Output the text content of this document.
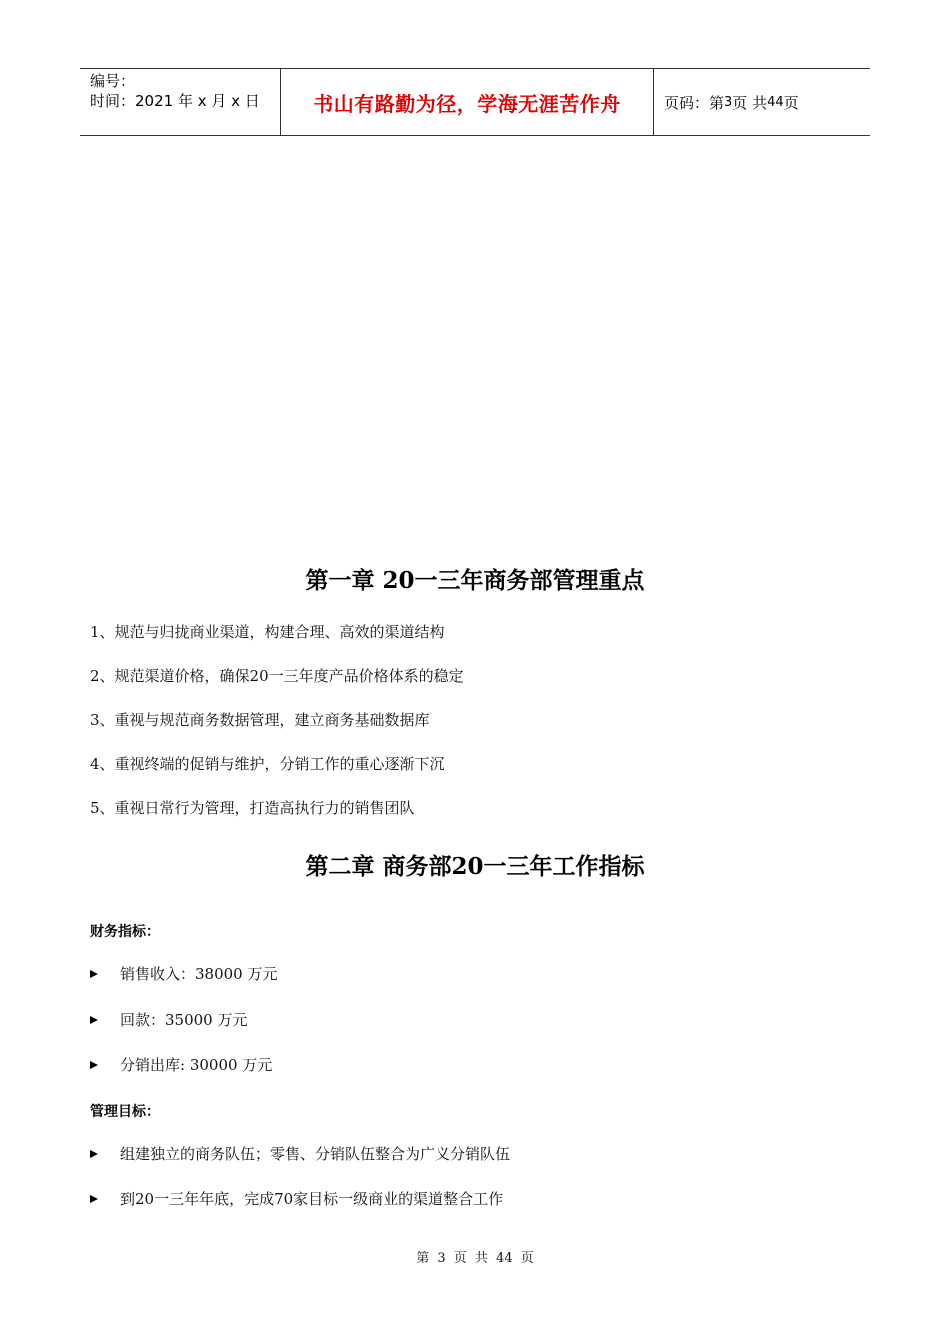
编号：
时间：2021 年 x 月 x 日	书山有路勤为径，学海无涯苦作舟	页码：第 3 页 共 44 页
第一章 20一三年商务部管理重点
1、规范与归拢商业渠道，构建合理、高效的渠道结构
2、规范渠道价格，确保20一三年度产品价格体系的稳定
3、重视与规范商务数据管理，建立商务基础数据库
4、重视终端的促销与维护，分销工作的重心逐渐下沉
5、重视日常行为管理，打造高执行力的销售团队
第二章 商务部20一三年工作指标
财务指标：
销售收入：38000 万元
回款：35000 万元
分销出库: 30000 万元
管理目标：
组建独立的商务队伍；零售、分销队伍整合为广义分销队伍
到20一三年年底，完成70家目标一级商业的渠道整合工作
第 3 页 共 44 页
